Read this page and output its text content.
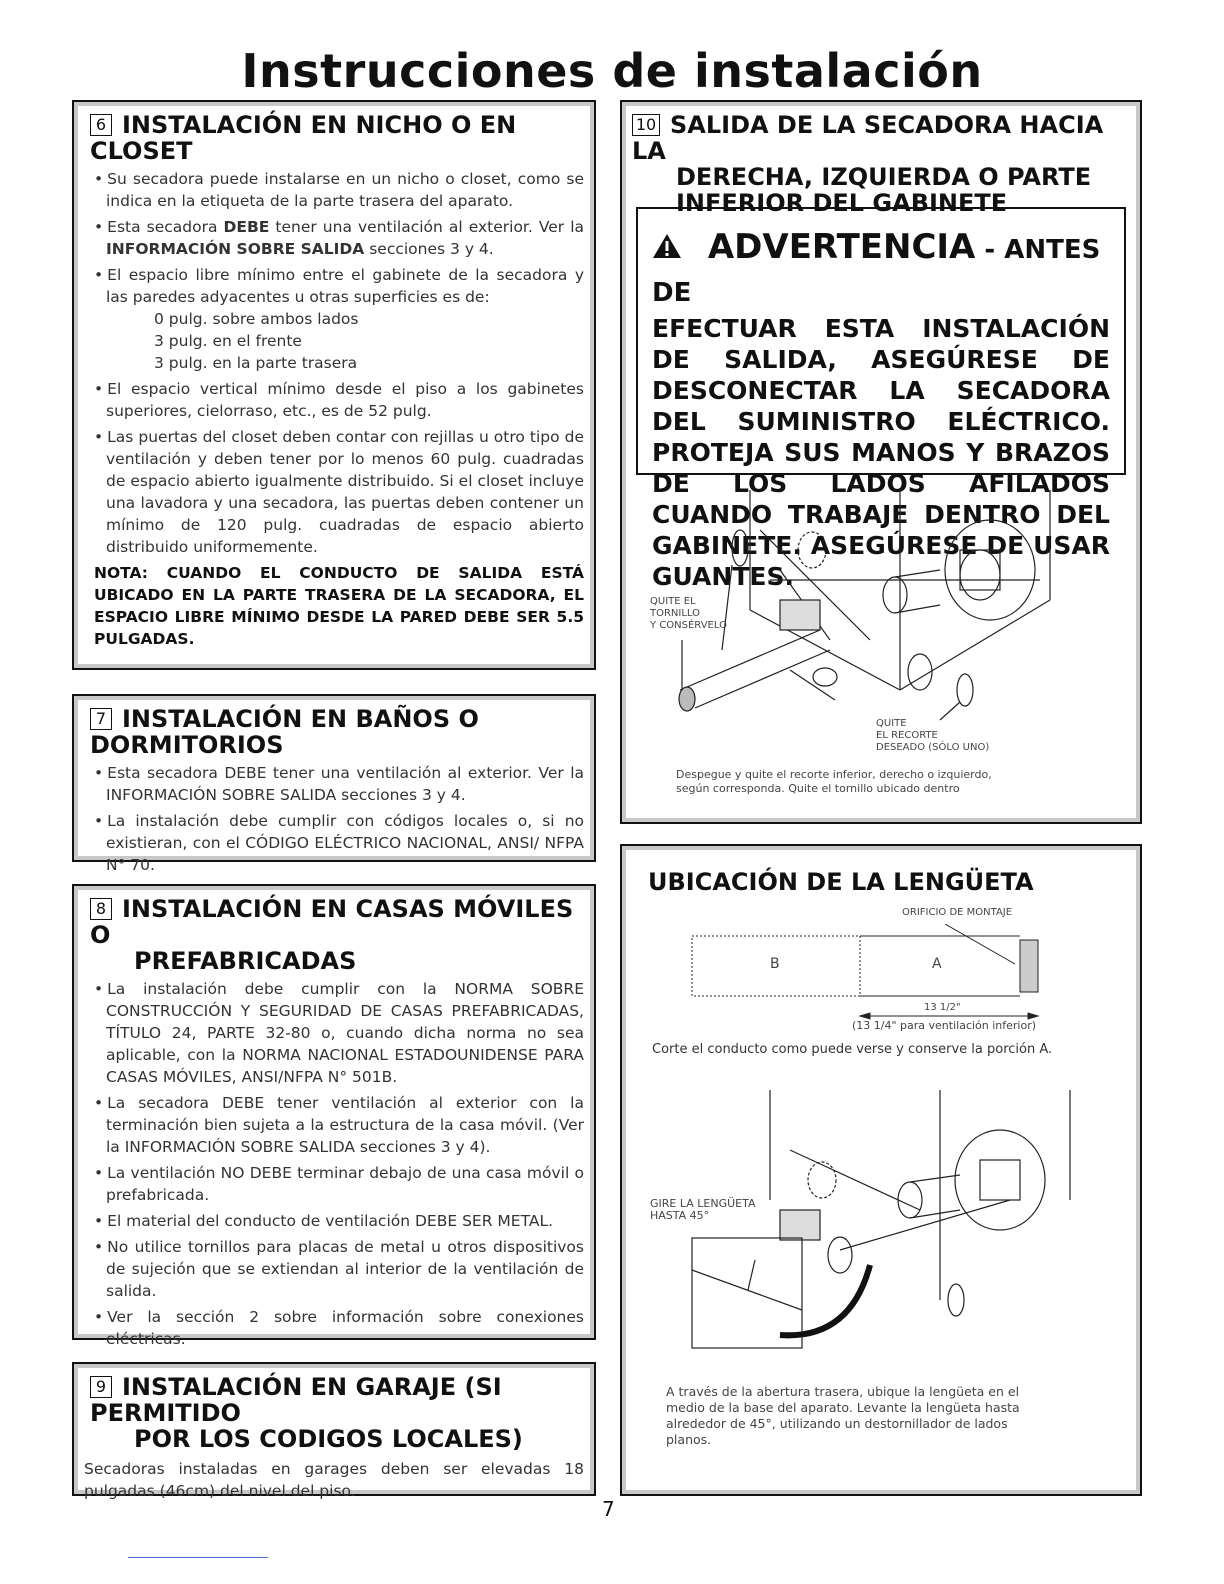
Instrucciones de instalación
6 INSTALACIÓN EN NICHO O EN CLOSET
• Su secadora puede instalarse en un nicho o closet, como se indica en la etiqueta de la parte trasera del aparato.
• Esta secadora DEBE tener una ventilación al exterior. Ver la INFORMACIÓN SOBRE SALIDA secciones 3 y 4.
• El espacio libre mínimo entre el gabinete de la secadora y las paredes adyacentes u otras superficies es de:
0 pulg. sobre ambos lados
3 pulg. en el frente
3 pulg. en la parte trasera
• El espacio vertical mínimo desde el piso a los gabinetes superiores, cielorraso, etc., es de 52 pulg.
• Las puertas del closet deben contar con rejillas u otro tipo de ventilación y deben tener por lo menos 60 pulg. cuadradas de espacio abierto igualmente distribuido. Si el closet incluye una lavadora y una secadora, las puertas deben contener un mínimo de 120 pulg. cuadradas de espacio abierto distribuido uniformemente.
NOTA: CUANDO EL CONDUCTO DE SALIDA ESTÁ UBICADO EN LA PARTE TRASERA DE LA SECADORA, EL ESPACIO LIBRE MÍNIMO DESDE LA PARED DEBE SER 5.5 PULGADAS.
7 INSTALACIÓN EN BAÑOS O DORMITORIOS
• Esta secadora DEBE tener una ventilación al exterior. Ver la INFORMACIÓN SOBRE SALIDA secciones 3 y 4.
• La instalación debe cumplir con códigos locales o, si no existieran, con el CÓDIGO ELÉCTRICO NACIONAL, ANSI/ NFPA N° 70.
8 INSTALACIÓN EN CASAS MÓVILES O
PREFABRICADAS
• La instalación debe cumplir con la NORMA SOBRE CONSTRUCCIÓN Y SEGURIDAD DE CASAS PREFABRICADAS, TÍTULO 24, PARTE 32-80 o, cuando dicha norma no sea aplicable, con la NORMA NACIONAL ESTADOUNIDENSE PARA CASAS MÓVILES, ANSI/NFPA N° 501B.
• La secadora DEBE tener ventilación al exterior con la terminación bien sujeta a la estructura de la casa móvil. (Ver la INFORMACIÓN SOBRE SALIDA secciones 3 y 4).
• La ventilación NO DEBE terminar debajo de una casa móvil o prefabricada.
• El material del conducto de ventilación DEBE SER METAL.
• No utilice tornillos para placas de metal u otros dispositivos de sujeción que se extiendan al interior de la ventilación de salida.
• Ver la sección 2 sobre información sobre conexiones eléctricas.
9 INSTALACIÓN EN GARAJE (SI PERMITIDO
POR LOS CODIGOS LOCALES)
Secadoras instaladas en garages deben ser elevadas 18 pulgadas (46cm) del nivel del piso.
10 SALIDA DE LA SECADORA HACIA LA
DERECHA, IZQUIERDA O PARTE
INFERIOR DEL GABINETE
ADVERTENCIA - ANTES DE
EFECTUAR ESTA INSTALACIÓN DE SALIDA, ASEGÚRESE DE DESCONECTAR LA SECADORA DEL SUMINISTRO ELÉCTRICO. PROTEJA SUS MANOS Y BRAZOS DE LOS LADOS AFILADOS CUANDO TRABAJE DENTRO DEL GABINETE. ASEGÚRESE DE USAR GUANTES.
QUITE EL
TORNILLO
Y CONSÉRVELO
QUITE
EL RECORTE
DESEADO (SÓLO UNO)
Despegue y quite el recorte inferior, derecho o izquierdo,
según corresponda. Quite el tornillo ubicado dentro
UBICACIÓN DE LA LENGÜETA
ORIFICIO DE MONTAJE
B	A
13 1/2"
(13 1/4" para ventilación inferior)
Corte el conducto como puede verse y conserve la porción A.
GIRE LA LENGÜETA
HASTA 45°
A través de la abertura trasera, ubique la lengüeta en el medio de la base del aparato. Levante la lengüeta hasta alrededor de 45°, utilizando un destornillador de lados planos.
7
